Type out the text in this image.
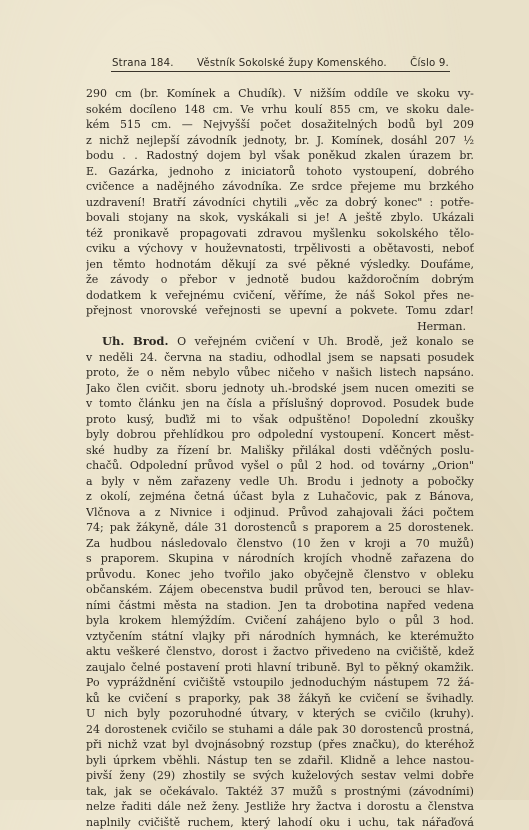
Strana 184. Věstník Sokolské župy Komenského. Číslo 9.
290 cm (br. Komínek a Chudík). V nižším oddíle ve skoku vy-
sokém docíleno 148 cm. Ve vrhu koulí 855 cm, ve skoku dale-
kém 515 cm. — Nejvyšší počet dosažitelných bodů byl 209
z nichž nejlepší závodník jednoty, br. J. Komínek, dosáhl 207 ½
bodu . . Radostný dojem byl však poněkud zkalen úrazem br.
E. Gazárka, jednoho z iniciatorů tohoto vystoupení, dobrého
cvičence a nadějného závodníka. Ze srdce přejeme mu brzkého
uzdravení! Bratří závodníci chytili „věc za dobrý konec" : potře-
bovali stojany na skok, vyskákali si je! A ještě zbylo. Ukázali
též pronikavě propagovati zdravou myšlenku sokolského tělo-
cviku a výchovy v houževnatosti, trpělivosti a obětavosti, neboť
jen těmto hodnotám děkují za své pěkné výsledky. Doufáme,
že závody o přebor v jednotě budou každoročním dobrým
dodatkem k veřejnému cvičení, věříme, že náš Sokol přes ne-
přejnost vnorovské veřejnosti se upevní a pokvete. Tomu zdar!
Herman.
Uh. Brod. O veřejném cvičení v Uh. Brodě, jež konalo se
v neděli 24. června na stadiu, odhodlal jsem se napsati posudek
proto, že o něm nebylo vůbec ničeho v našich listech napsáno.
Jako člen cvičit. sboru jednoty uh.-brodské jsem nucen omeziti se
v tomto článku jen na čísla a příslušný doprovod. Posudek bude
proto kusý, buďiž mi to však odpuštěno! Dopolední zkoušky
byly dobrou přehlídkou pro odpolední vystoupení. Koncert měst-
ské hudby za řízení br. Mališky přilákal dosti vděčných poslu-
chačů. Odpolední průvod vyšel o půl 2 hod. od továrny „Orion"
a byly v něm zařazeny vedle Uh. Brodu i jednoty a pobočky
z okolí, zejména četná účast byla z Luhačovic, pak z Bánova,
Vlčnova a z Nivnice i odjinud. Průvod zahajovali žáci počtem
74; pak žákyně, dále 31 dorostenců s praporem a 25 dorostenek.
Za hudbou následovalo členstvo (10 žen v kroji a 70 mužů)
s praporem. Skupina v národních krojích vhodně zařazena do
průvodu. Konec jeho tvořilo jako obyčejně členstvo v obleku
občanském. Zájem obecenstva budil průvod ten, berouci se hlav-
ními částmi města na stadion. Jen ta drobotina napřed vedena
byla krokem hlemýždím. Cvičení zahájeno bylo o půl 3 hod.
vztyčením státní vlajky při národních hymnách, ke kterémužto
aktu veškeré členstvo, dorost i žactvo přivedeno na cvičiště, kdež
zaujalo čelné postavení proti hlavní tribuně. Byl to pěkný okamžik.
Po vypráždnění cvičiště vstoupilo jednoduchým nástupem 72 žá-
ků ke cvičení s praporky, pak 38 žákyň ke cvičení se švihadly.
U nich byly pozoruhodné útvary, v kterých se cvičilo (kruhy).
24 dorostenek cvičilo se stuhami a dále pak 30 dorostenců prostná,
při nichž vzat byl dvojnásobný rozstup (přes značku), do kteréhož
byli úprkem vběhli. Nástup ten se zdařil. Klidně a lehce nastou-
pivší ženy (29) zhostily se svých kuželových sestav velmi dobře
tak, jak se očekávalo. Taktéž 37 mužů s prostnými (závodními)
nelze řaditi dále než ženy. Jestliže hry žactva i dorostu a členstva
naplnily cvičiště ruchem, který lahodí oku i uchu, tak nářaďová
